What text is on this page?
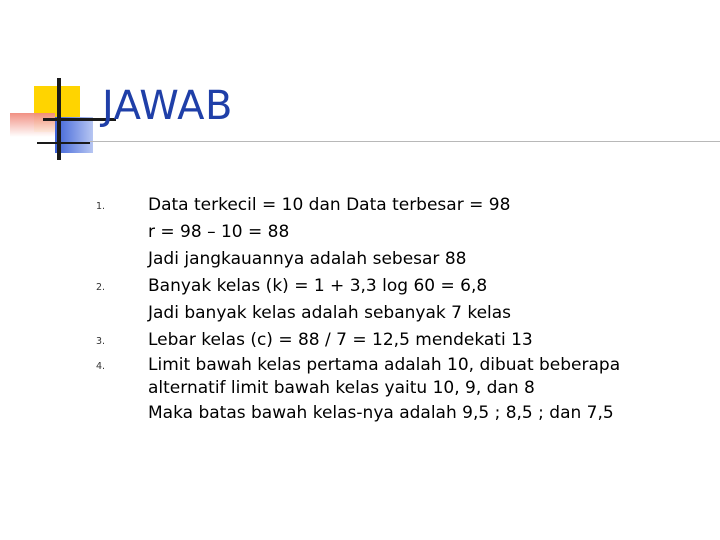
JAWAB
1.	Data terkecil = 10 dan Data terbesar = 98
r = 98 – 10 = 88
Jadi jangkauannya adalah sebesar 88
2.	Banyak kelas (k) = 1 + 3,3 log 60 = 6,8
Jadi banyak kelas adalah sebanyak 7 kelas
3.	Lebar kelas (c) = 88 / 7 = 12,5 mendekati 13
4.	Limit bawah kelas pertama adalah 10, dibuat beberapa
alternatif limit bawah kelas yaitu 10, 9, dan 8
Maka batas bawah kelas-nya adalah 9,5 ; 8,5 ; dan 7,5
